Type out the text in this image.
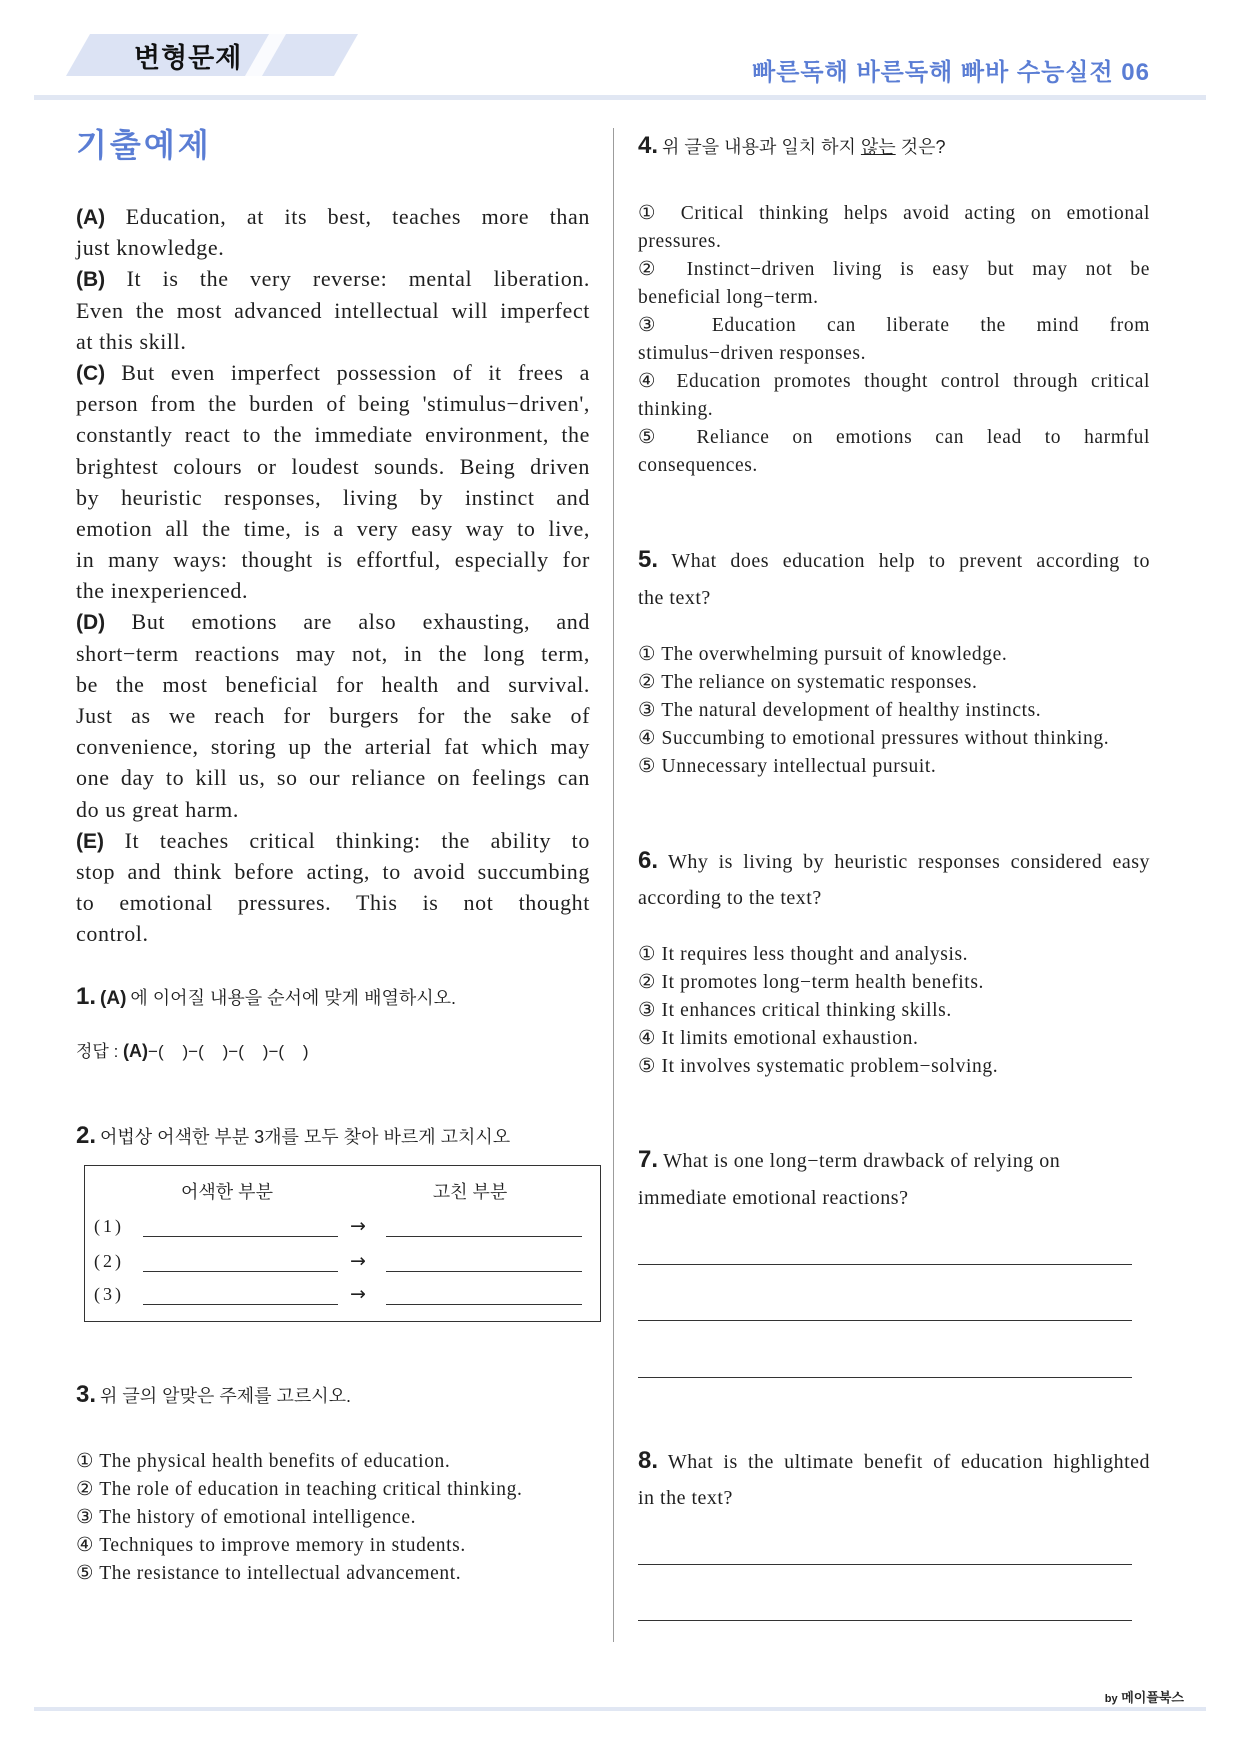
변형문제	빠른독해 바른독해 빠바 수능실전 06
기출예제
(A) Education, at its best, teaches more than
just knowledge.
(B) It is the very reverse: mental liberation.
Even the most advanced intellectual will imperfect
at this skill.
(C) But even imperfect possession of it frees a
person from the burden of being 'stimulus−driven',
constantly react to the immediate environment, the
brightest colours or loudest sounds. Being driven
by heuristic responses, living by instinct and
emotion all the time, is a very easy way to live,
in many ways: thought is effortful, especially for
the inexperienced.
(D) But emotions are also exhausting, and
short−term reactions may not, in the long term,
be the most beneficial for health and survival.
Just as we reach for burgers for the sake of
convenience, storing up the arterial fat which may
one day to kill us, so our reliance on feelings can
do us great harm.
(E) It teaches critical thinking: the ability to
stop and think before acting, to avoid succumbing
to emotional pressures. This is not thought
control.
1. (A) 에 이어질 내용을 순서에 맞게 배열하시오.
정답 : (A)−(    )−(    )−(    )−(    )
2. 어법상 어색한 부분 3개를 모두 찾아 바르게 고치시오
어색한 부분	고친 부분
(1)	→
(2)	→
(3)	→
3. 위 글의 알맞은 주제를 고르시오.
① The physical health benefits of education.
② The role of education in teaching critical thinking.
③ The history of emotional intelligence.
④ Techniques to improve memory in students.
⑤ The resistance to intellectual advancement.
4. 위 글을 내용과 일치 하지 않는 것은?
① Critical thinking helps avoid acting on emotional
pressures.
② Instinct−driven living is easy but may not be
beneficial long−term.
③ Education can liberate the mind from
stimulus−driven responses.
④ Education promotes thought control through critical
thinking.
⑤ Reliance on emotions can lead to harmful
consequences.
5. What does education help to prevent according to
the text?
① The overwhelming pursuit of knowledge.
② The reliance on systematic responses.
③ The natural development of healthy instincts.
④ Succumbing to emotional pressures without thinking.
⑤ Unnecessary intellectual pursuit.
6. Why is living by heuristic responses considered easy
according to the text?
① It requires less thought and analysis.
② It promotes long−term health benefits.
③ It enhances critical thinking skills.
④ It limits emotional exhaustion.
⑤ It involves systematic problem−solving.
7. What is one long−term drawback of relying on
immediate emotional reactions?
8. What is the ultimate benefit of education highlighted
in the text?
by 메이플북스
